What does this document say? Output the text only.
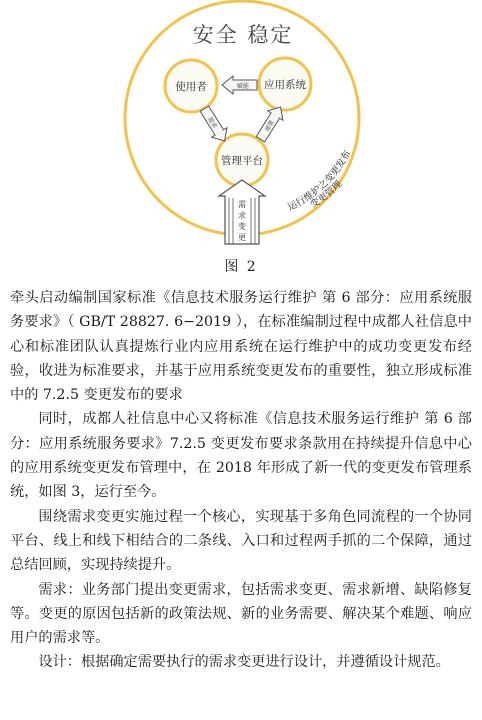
安全 稳定
使用者	应用系统
管理平台
赋能
需求	部署
需
求
变
更
运行维护之变更发布
变更管理
图 2

牵头启动编制国家标准《信息技术服务运行维护 第 6 部分：应用系统服务要求》（ GB/T 28827. 6−2019 ），在标准编制过程中成都人社信息中心和标准团队认真提炼行业内应用系统在运行维护中的成功变更发布经验，收进为标准要求，并基于应用系统变更发布的重要性，独立形成标准中的 7.2.5 变更发布的要求

同时，成都人社信息中心又将标准《信息技术服务运行维护 第 6 部分：应用系统服务要求》7.2.5 变更发布要求条款用在持续提升信息中心的应用系统变更发布管理中，在 2018 年形成了新一代的变更发布管理系统，如图 3，运行至今。

围绕需求变更实施过程一个核心，实现基于多角色同流程的一个协同平台、线上和线下相结合的二条线、入口和过程两手抓的二个保障，通过总结回顾，实现持续提升。

需求：业务部门提出变更需求，包括需求变更、需求新增、缺陷修复等。变更的原因包括新的政策法规、新的业务需要、解决某个难题、响应用户的需求等。

设计：根据确定需要执行的需求变更进行设计，并遵循设计规范。
